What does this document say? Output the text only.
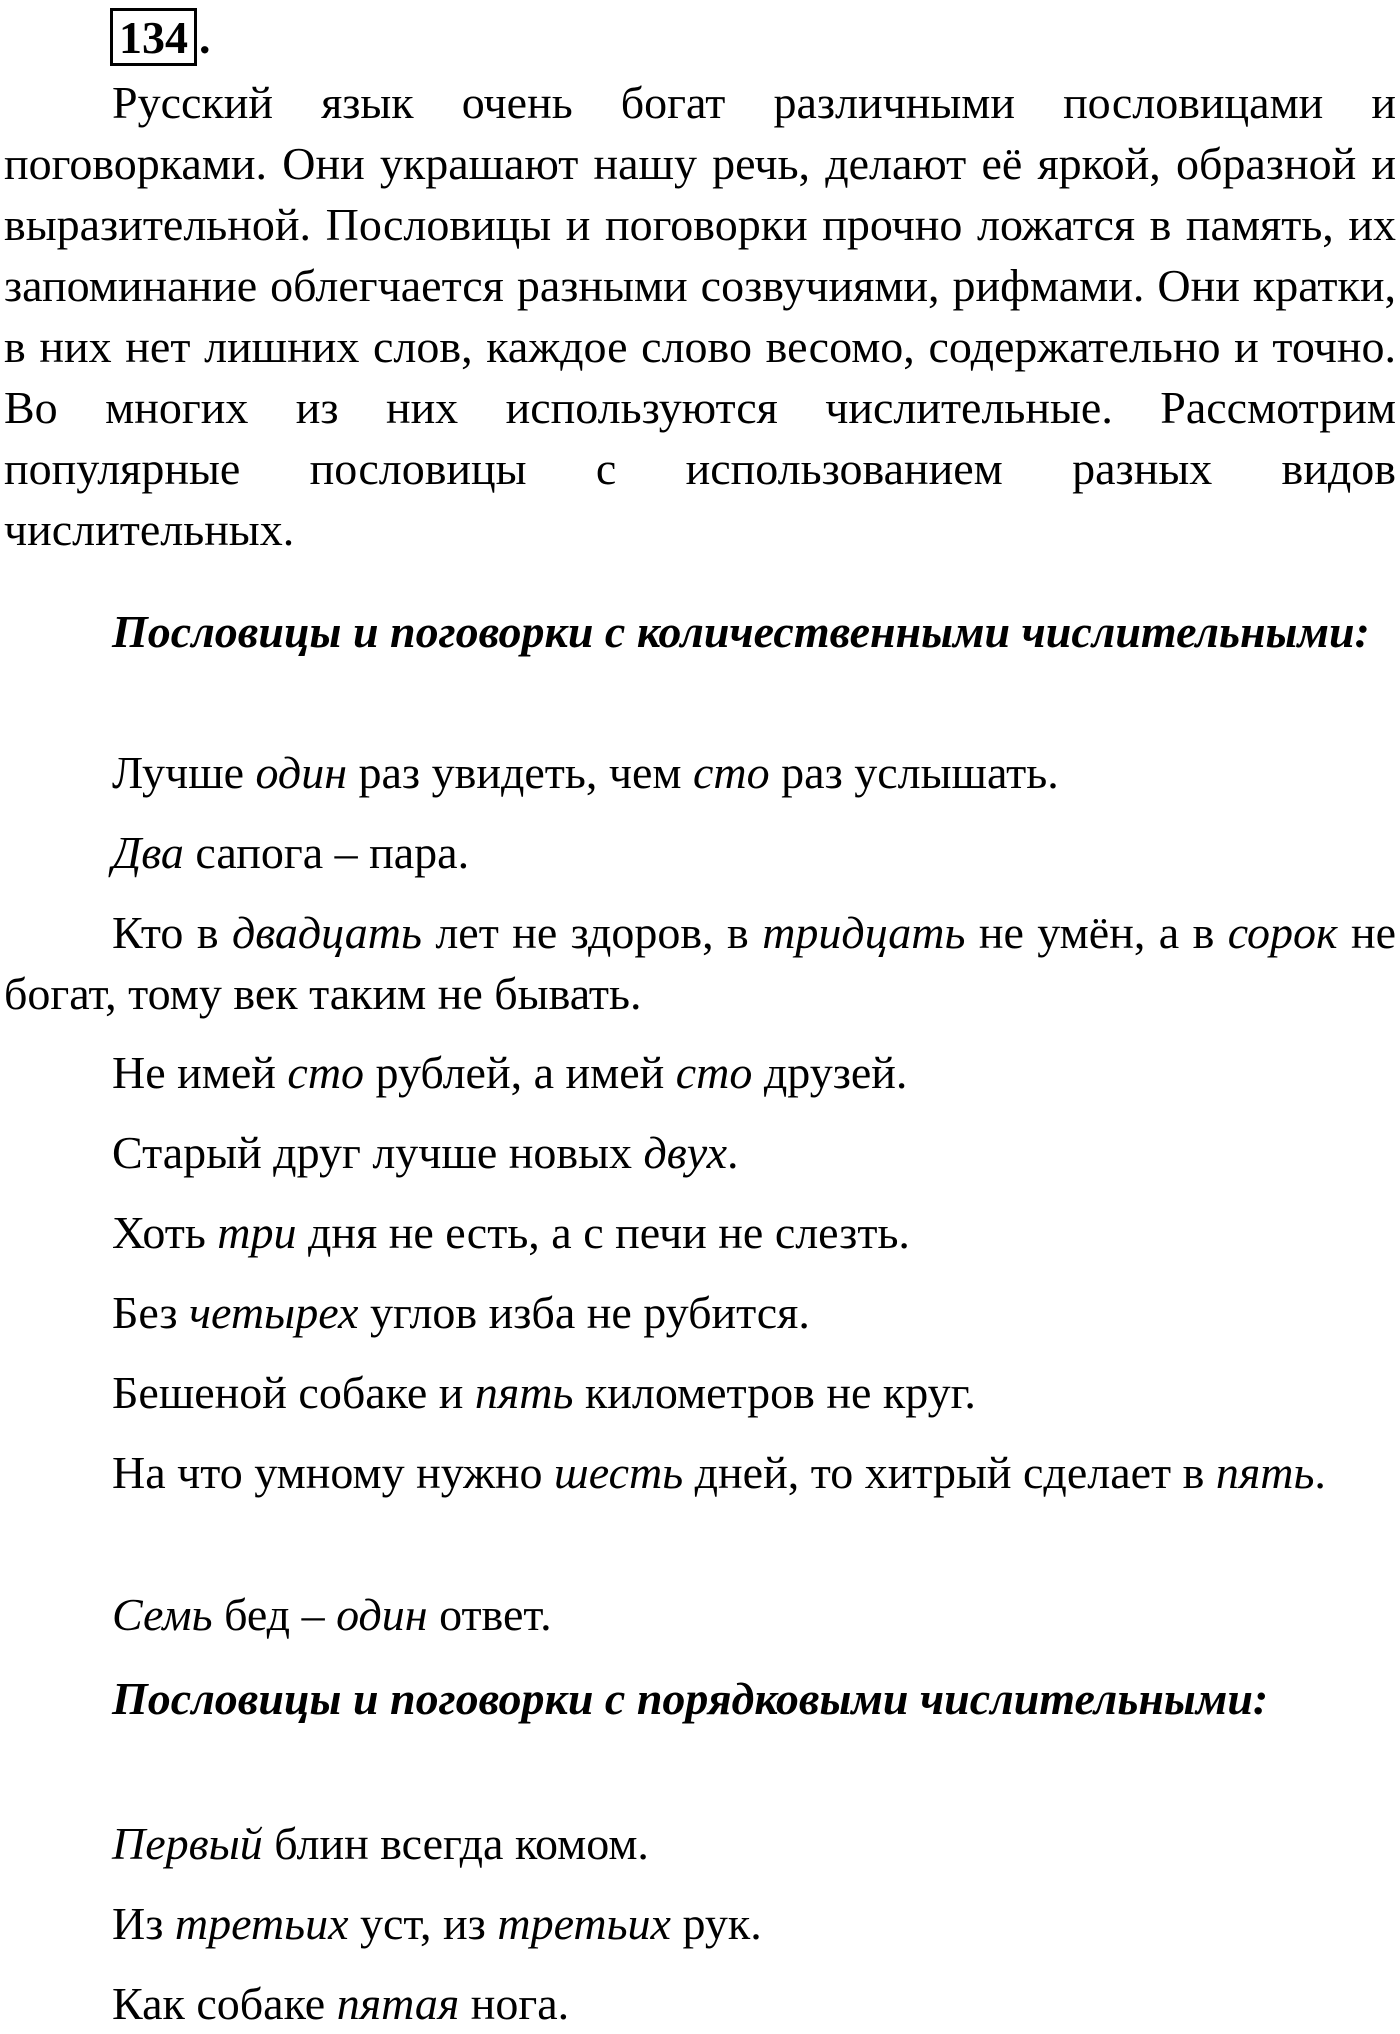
134 .

Русский язык очень богат различными пословицами и поговорками. Они украшают нашу речь, делают её яркой, образной и выразительной. Пословицы и поговорки прочно ложатся в память, их запоминание облегчается разными созвучиями, рифмами. Они кратки, в них нет лишних слов, каждое слово весомо, содержательно и точно. Во многих из них используются числительные. Рассмотрим популярные пословицы с использованием разных видов числительных.

Пословицы и поговорки с количественными числительными:

Лучше один раз увидеть, чем сто раз услышать.

Два сапога – пара.

Кто в двадцать лет не здоров, в тридцать не умён, а в сорок не богат, тому век таким не бывать.

Не имей сто рублей, а имей сто друзей.

Старый друг лучше новых двух.

Хоть три дня не есть, а с печи не слезть.

Без четырех углов изба не рубится.

Бешеной собаке и пять километров не круг.

На что умному нужно шесть дней, то хитрый сделает в пять.

Семь бед – один ответ.

Пословицы и поговорки с порядковыми числительными:

Первый блин всегда комом.

Из третьих уст, из третьих рук.

Как собаке пятая нога.
